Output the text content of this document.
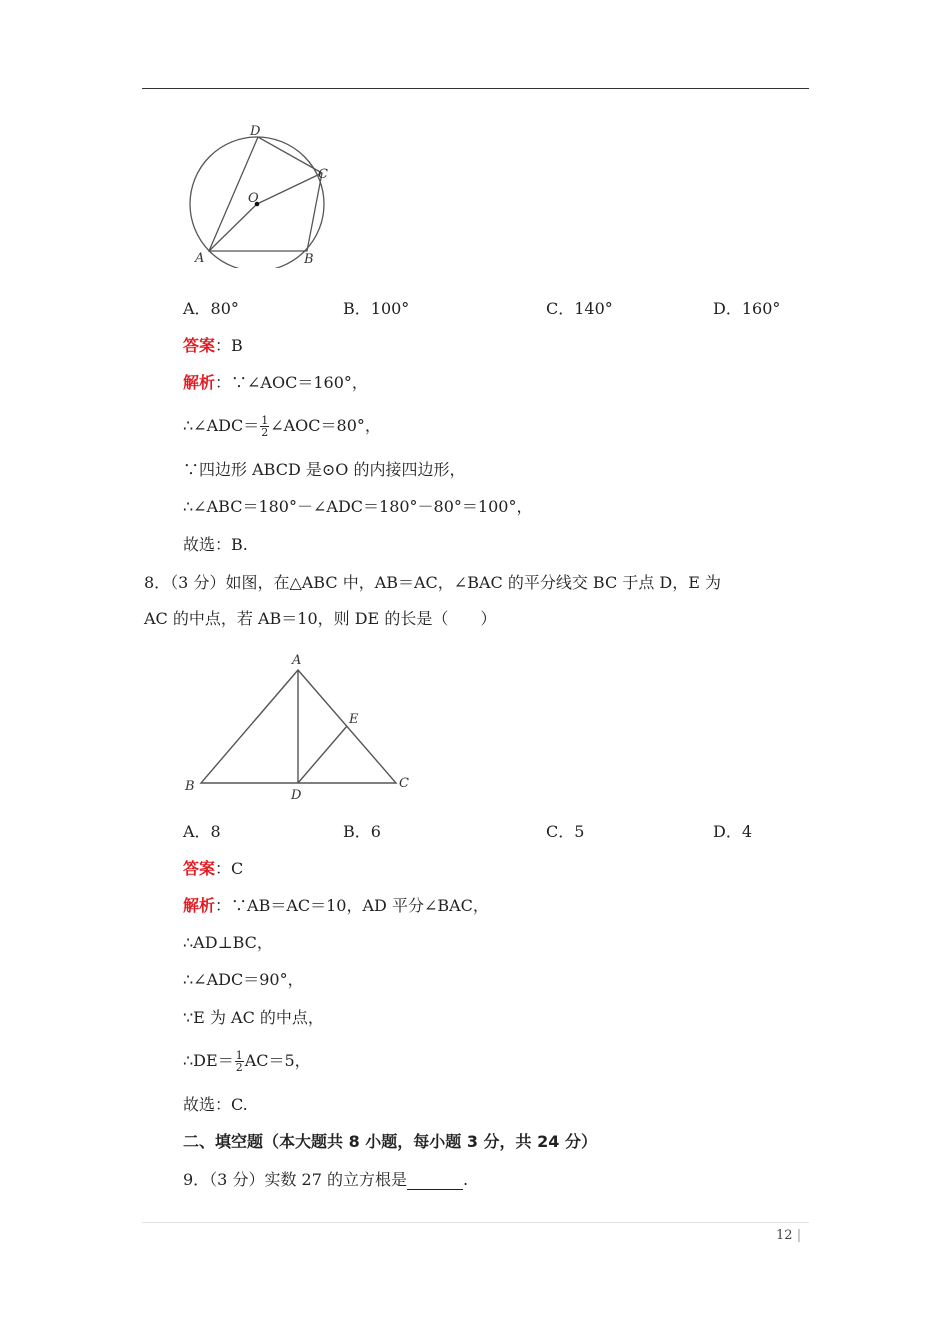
D
C
O
A	B
A．80°	B．100°	C．140°	D．160°
答案：B
解析：∵∠AOC＝160°，
∴∠ADC＝ $\frac{1}{2}$ ∠AOC＝80°，
∵四边形 ABCD 是⊙O 的内接四边形，
∴∠ABC＝180°－∠ADC＝180°－80°＝100°，
故选：B.
8．（3 分）如图，在△ABC 中，AB＝AC，∠BAC 的平分线交 BC 于点 D，E 为
AC 的中点，若 AB＝10，则 DE 的长是（　　）
A
E
B
D
C
A．8	B．6	C．5	D．4
答案：C
解析：∵AB＝AC＝10，AD 平分∠BAC，
∴AD⊥BC，
∴∠ADC＝90°，
∵E 为 AC 的中点，
∴DE＝ $\frac{1}{2} AC=5$，
故选：C.
二、填空题（本大题共 8 小题，每小题 3 分，共 24 分）
9．（3 分）实数 27 的立方根是	.
12 |
